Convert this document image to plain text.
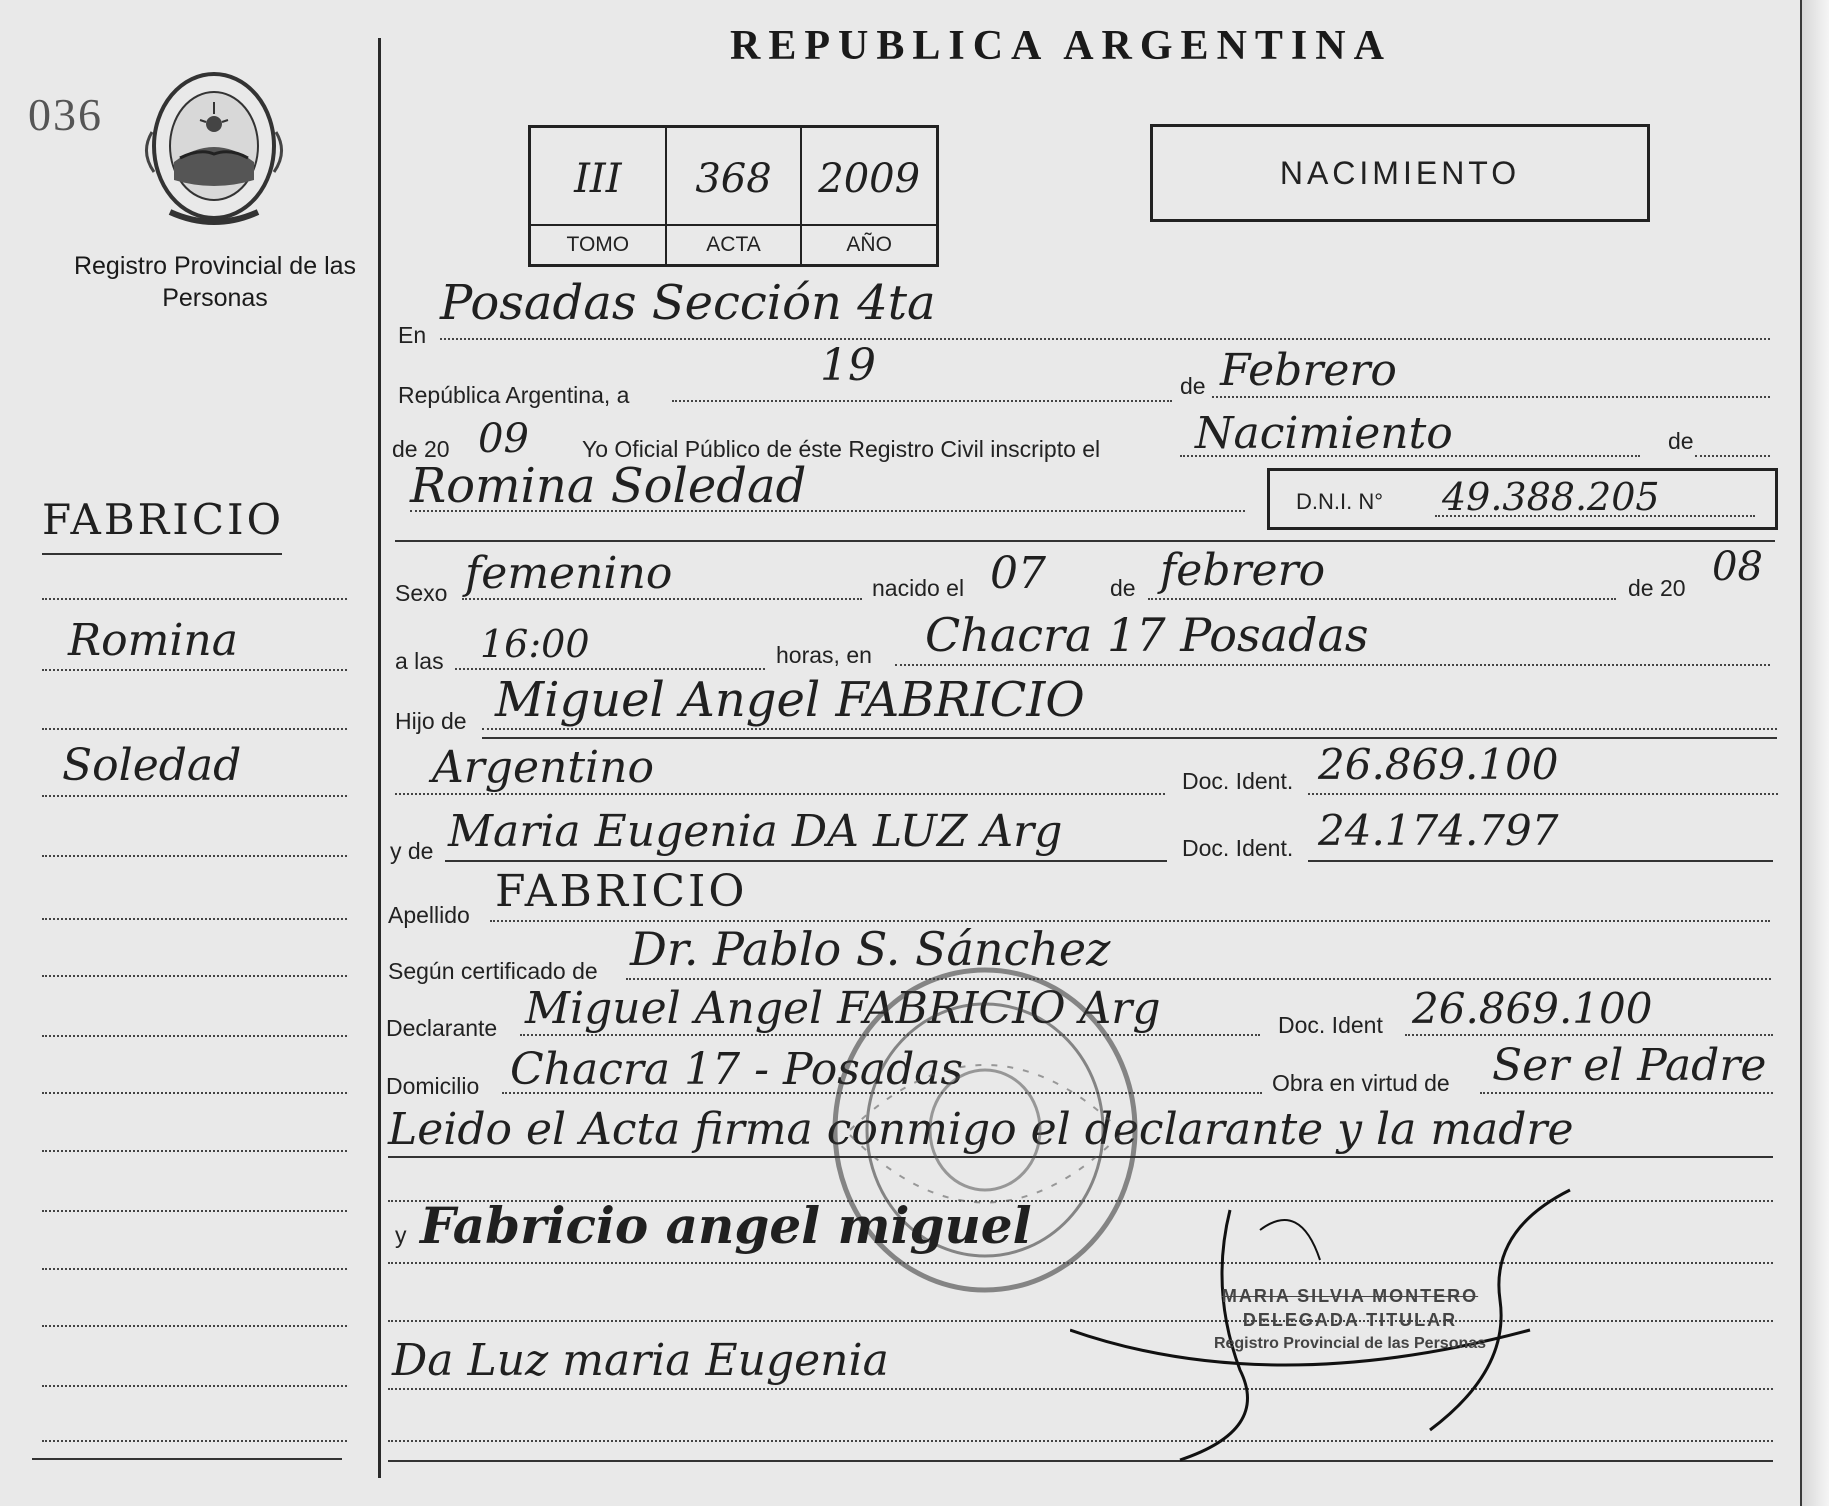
REPUBLICA ARGENTINA
036
Registro Provincial de las Personas
III
TOMO
368
ACTA
2009
AÑO
NACIMIENTO
FABRICIO
Romina
Soledad
En
Posadas Sección 4ta
República Argentina, a
19	de Febrero
de 20 09 Yo Oficial Público de éste Registro Civil inscripto el Nacimiento	de
Romina Soledad	D.N.I. N° 49.388.205
Sexo femenino	nacido el 07	de febrero	de 20 08
a las 16:00	horas, en Chacra 17 Posadas
Hijo de Miguel Angel FABRICIO
Argentino	Doc. Ident. 26.869.100
y de Maria Eugenia DA LUZ Arg	Doc. Ident. 24.174.797
Apellido FABRICIO
Según certificado de Dr. Pablo S. Sánchez
Declarante Miguel Angel FABRICIO Arg	Doc. Ident 26.869.100
Domicilio Chacra 17 - Posadas	Obra en virtud de Ser el Padre
Leido el Acta firma conmigo el declarante y la madre
y Fabricio angel miguel
Da Luz maria Eugenia
MARIA SILVIA MONTERO
DELEGADA TITULAR
Registro Provincial de las Personas
